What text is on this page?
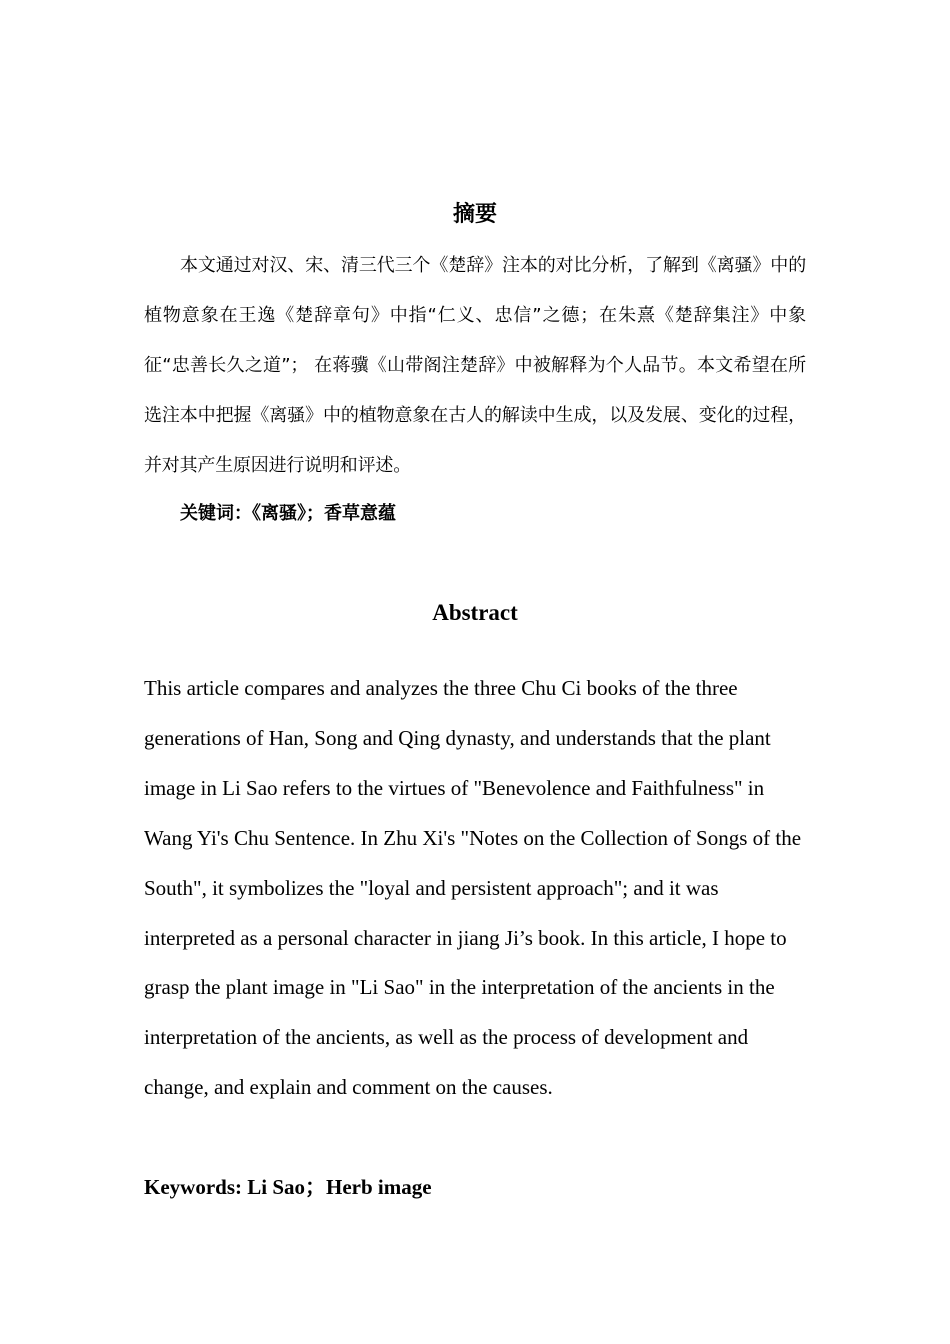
摘要
本文通过对汉、宋、清三代三个《楚辞》注本的对比分析，了解到《离骚》中的植物意象在王逸《楚辞章句》中指“仁义、忠信”之德；在朱熹《楚辞集注》中象征“忠善长久之道”； 在蒋骥《山带阁注楚辞》中被解释为个人品节。本文希望在所选注本中把握《离骚》中的植物意象在古人的解读中生成，以及发展、变化的过程，并对其产生原因进行说明和评述。
关键词：《离骚》；香草意蕴
Abstract
This article compares and analyzes the three Chu Ci books of the three generations of Han, Song and Qing dynasty, and understands that the plant image in Li Sao refers to the virtues of "Benevolence and Faithfulness" in Wang Yi's Chu Sentence. In Zhu Xi's "Notes on the Collection of Songs of the South", it symbolizes the "loyal and persistent approach"; and it was interpreted as a personal character in jiang Ji’s book. In this article, I hope to grasp the plant image in "Li Sao" in the interpretation of the ancients in the interpretation of the ancients, as well as the process of development and change, and explain and comment on the causes.
Keywords: Li Sao；Herb image
